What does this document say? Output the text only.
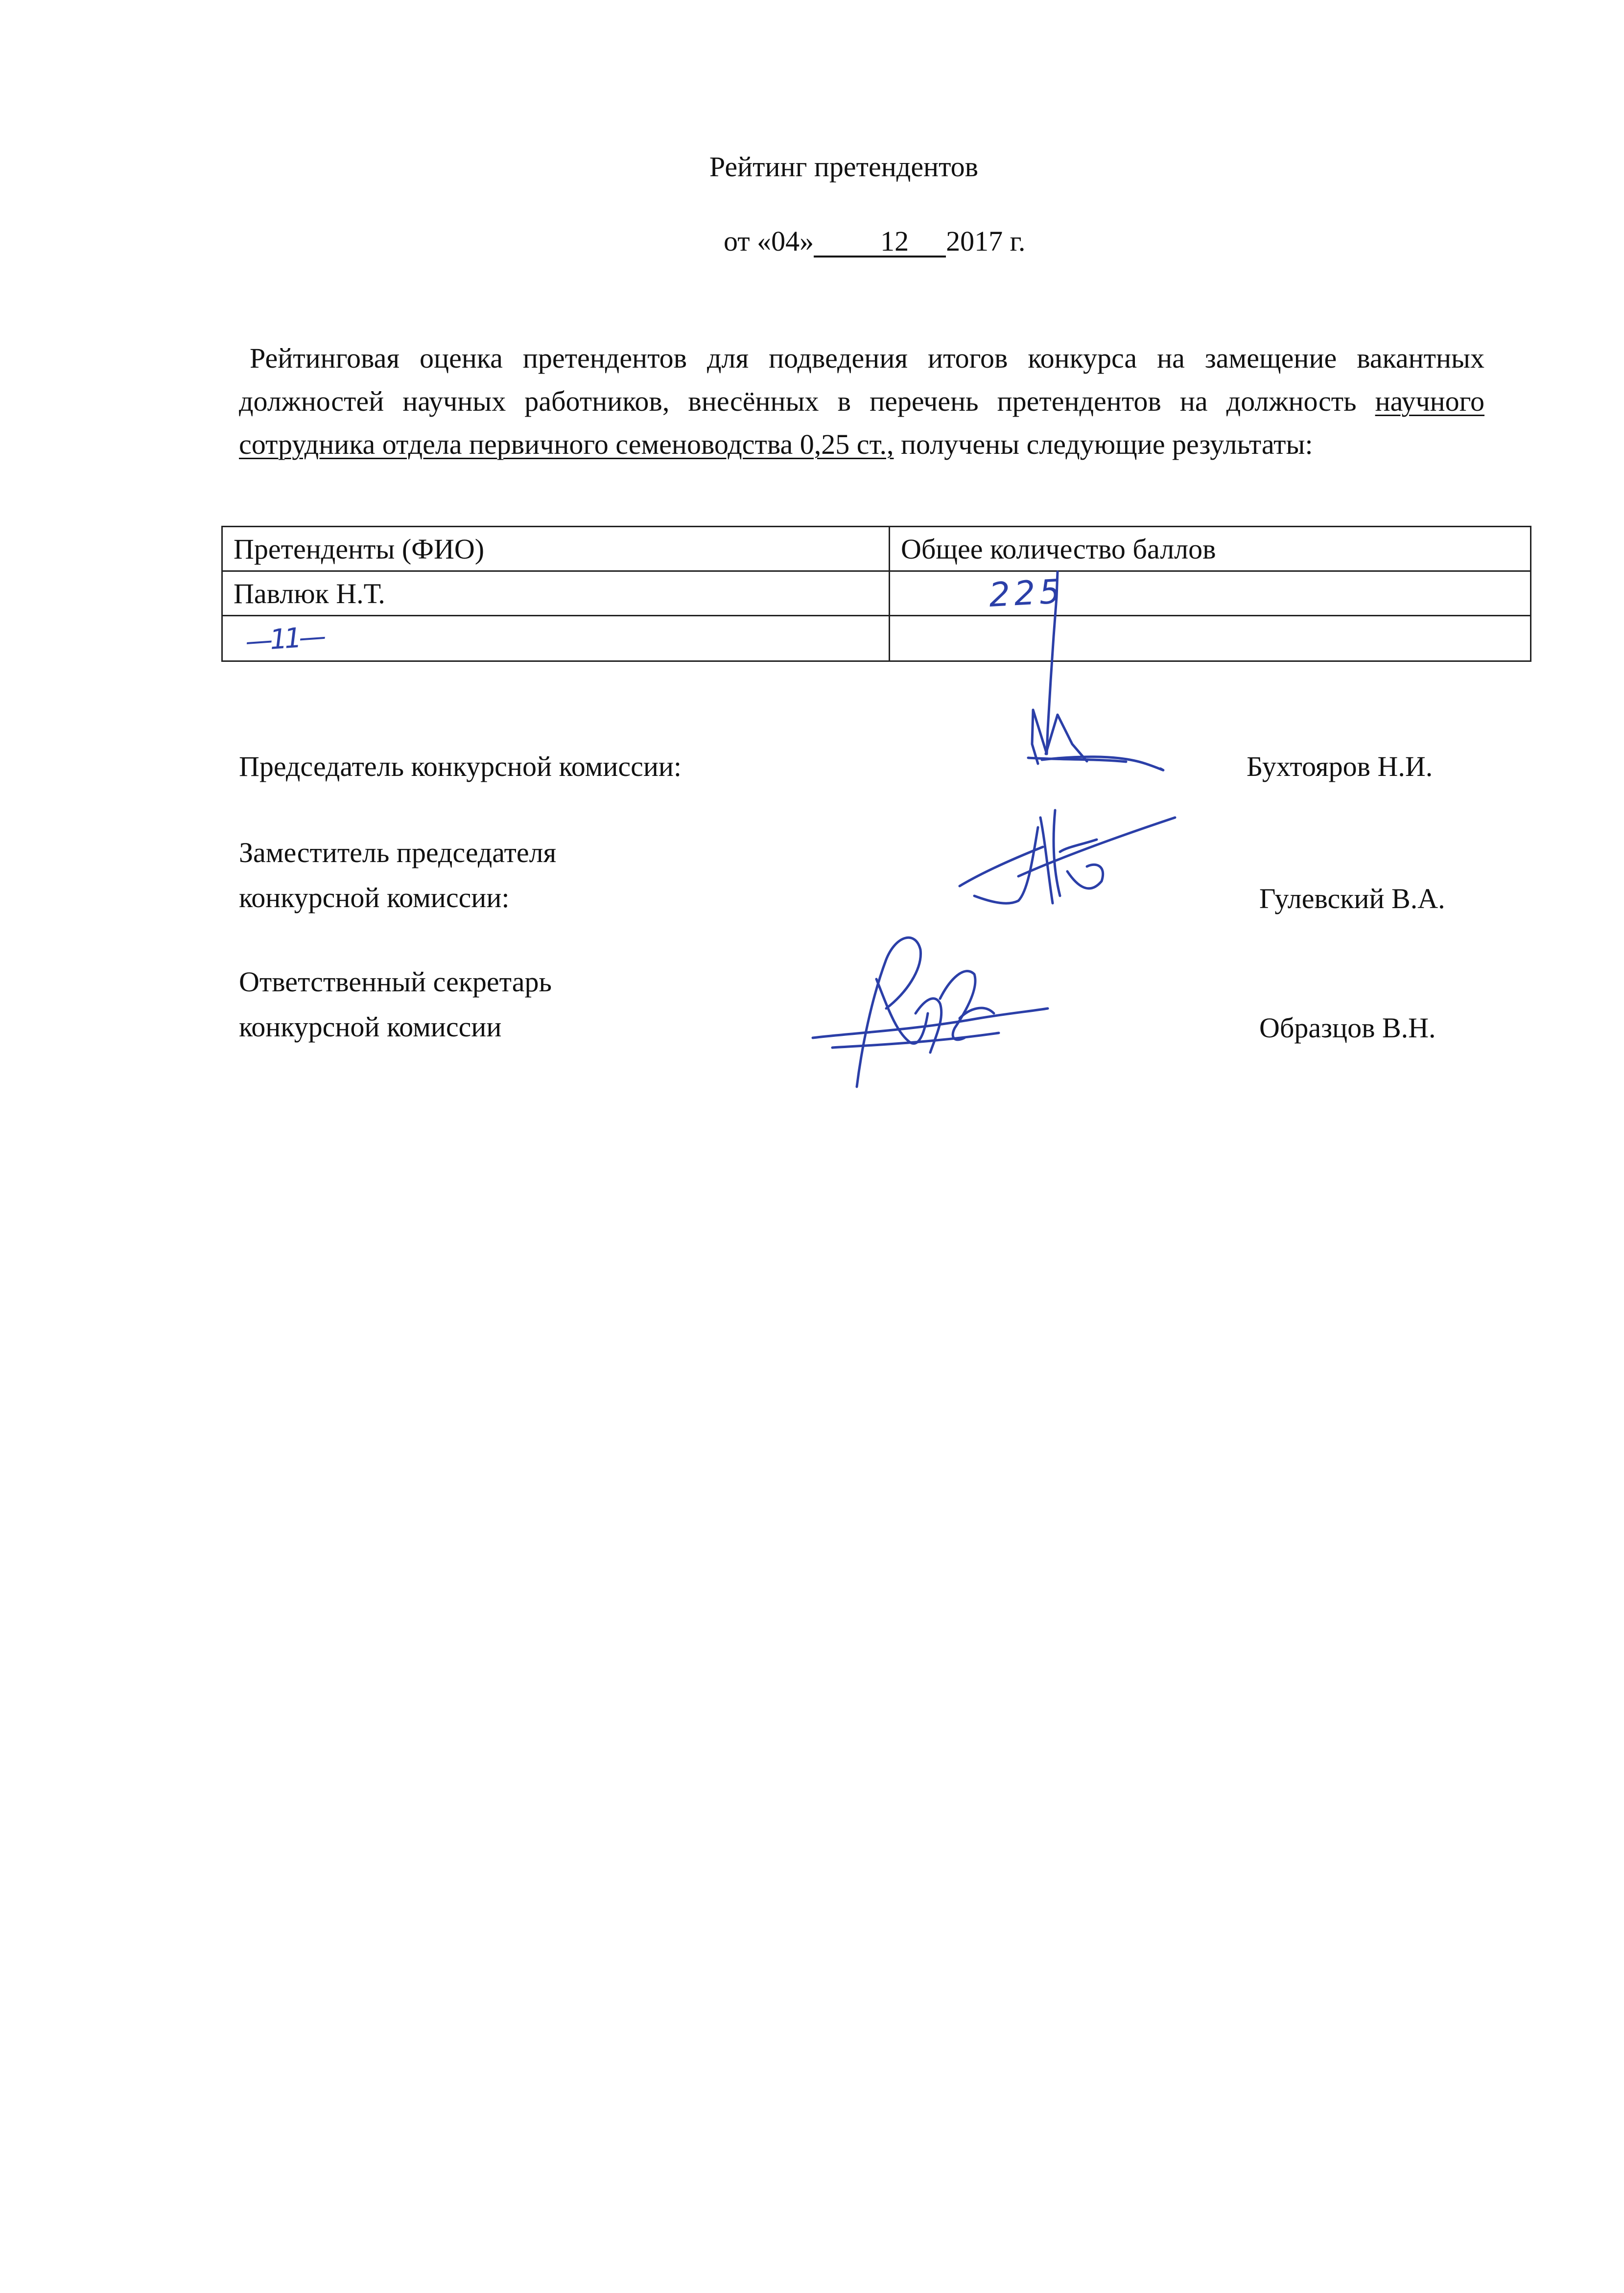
Рейтинг претендентов
от «04» 12 2017 г.
Рейтинговая оценка претендентов для подведения итогов конкурса на замещение вакантных должностей научных работников, внесённых в перечень претендентов на должность научного сотрудника отдела первичного семеноводства 0,25 ст., получены следующие результаты:
Претенденты (ФИО)	Общее количество баллов
Павлюк Н.Т.	225
—11—	
Председатель конкурсной комиссии:	Бухтояров Н.И.
Заместитель председателя
конкурсной комиссии:	Гулевский В.А.
Ответственный секретарь
конкурсной комиссии	Образцов В.Н.
